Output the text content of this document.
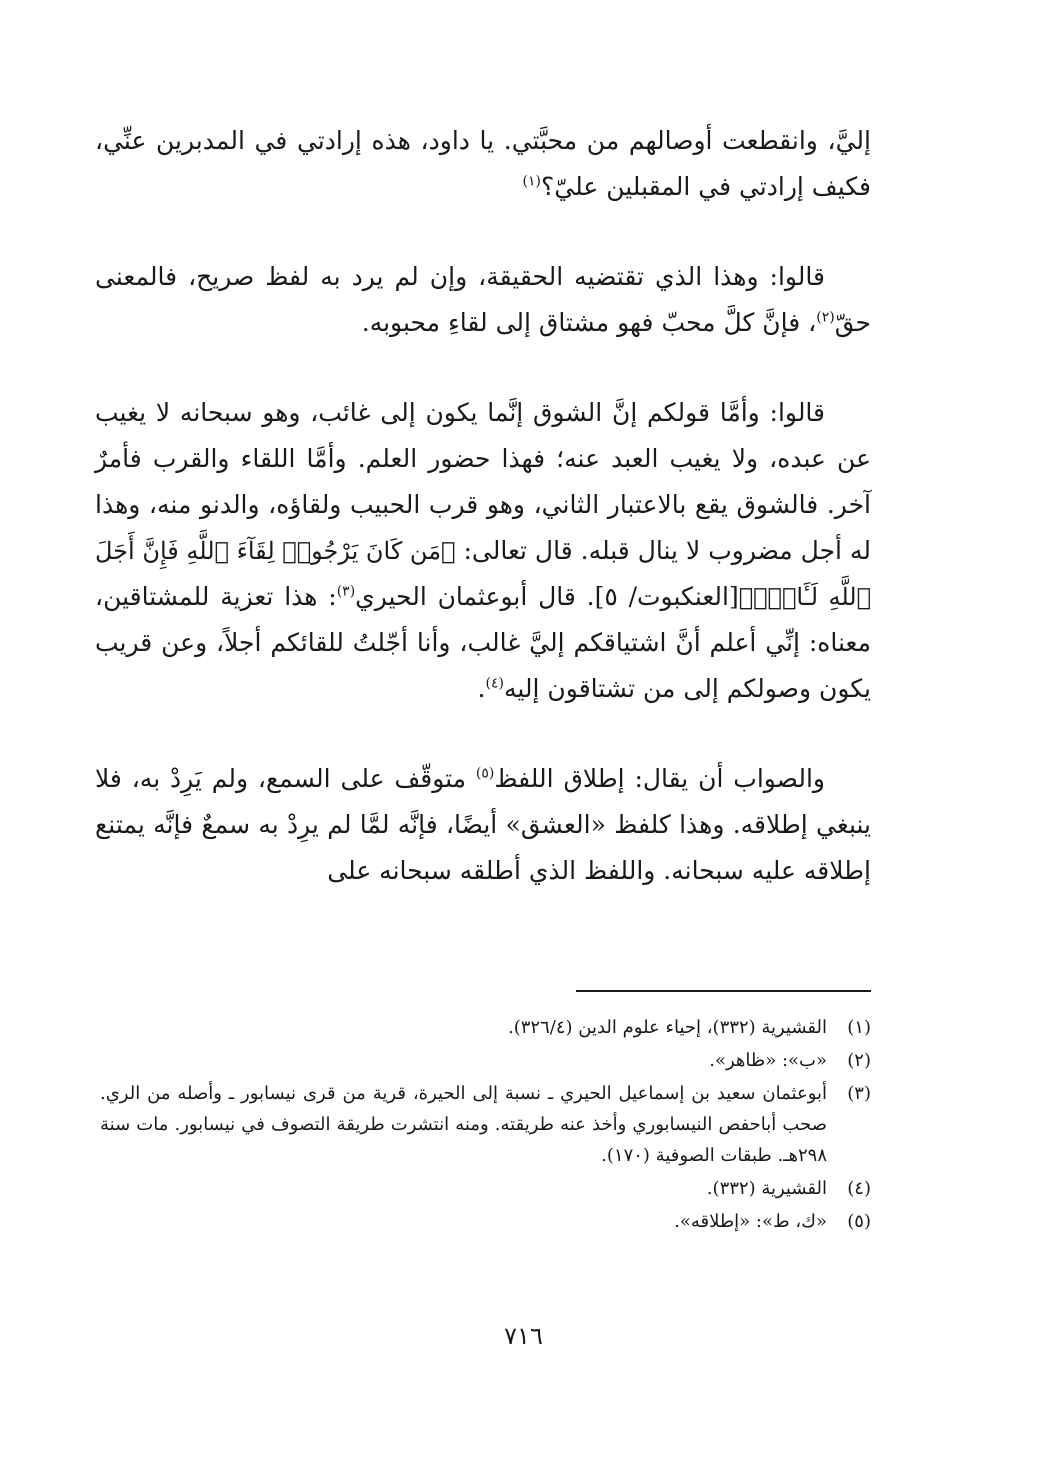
إليَّ، وانقطعت أوصالهم من محبَّتي. يا داود، هذه إرادتي في المدبرين عنِّي، فكيف إرادتي في المقبلين عليّ؟$^{(١)}$

قالوا: وهذا الذي تقتضيه الحقيقة، وإن لم يرد به لفظ صريح، فالمعنى حقّ$^{(٢)}$، فإنَّ كلَّ محبّ فهو مشتاق إلى لقاءِ محبوبه.

قالوا: وأمَّا قولكم إنَّ الشوق إنَّما يكون إلى غائب، وهو سبحانه لا يغيب عن عبده، ولا يغيب العبد عنه؛ فهذا حضور العلم. وأمَّا اللقاء والقرب فأمرٌ آخر. فالشوق يقع بالاعتبار الثاني، وهو قرب الحبيب ولقاؤه، والدنو منه، وهذا له أجل مضروب لا ينال قبله. قال تعالى: ﴿مَن كَانَ يَرْجُوا۟ لِقَآءَ ٱللَّهِ فَإِنَّ أَجَلَ ٱللَّهِ لَـَٔاتٍۢ﴾[العنكبوت/ ٥]. قال أبوعثمان الحيري$^{(٣)}$: هذا تعزية للمشتاقين، معناه: إنِّي أعلم أنَّ اشتياقكم إليَّ غالب، وأنا أجّلتُ للقائكم أجلاً، وعن قريب يكون وصولكم إلى من تشتاقون إليه$^{(٤)}$.

والصواب أن يقال: إطلاق اللفظ$^{(٥)}$ متوقّف على السمع، ولم يَرِدْ به، فلا ينبغي إطلاقه. وهذا كلفظ «العشق» أيضًا، فإنَّه لمَّا لم يرِدْ به سمعٌ فإنَّه يمتنع إطلاقه عليه سبحانه. واللفظ الذي أطلقه سبحانه على

(١)
القشيرية (٣٣٢)، إحياء علوم الدين (٣٢٦/٤).
(٢)
«ب»: «ظاهر».
(٣)
أبوعثمان سعيد بن إسماعيل الحيري ـ نسبة إلى الحيرة، قرية من قرى نيسابور ـ وأصله من الري. صحب أباحفص النيسابوري وأخذ عنه طريقته. ومنه انتشرت طريقة التصوف في نيسابور. مات سنة ٢٩٨هـ. طبقات الصوفية (١٧٠).
(٤)
القشيرية (٣٣٢).
(٥)
«ك، ط»: «إطلاقه».
٧١٦
